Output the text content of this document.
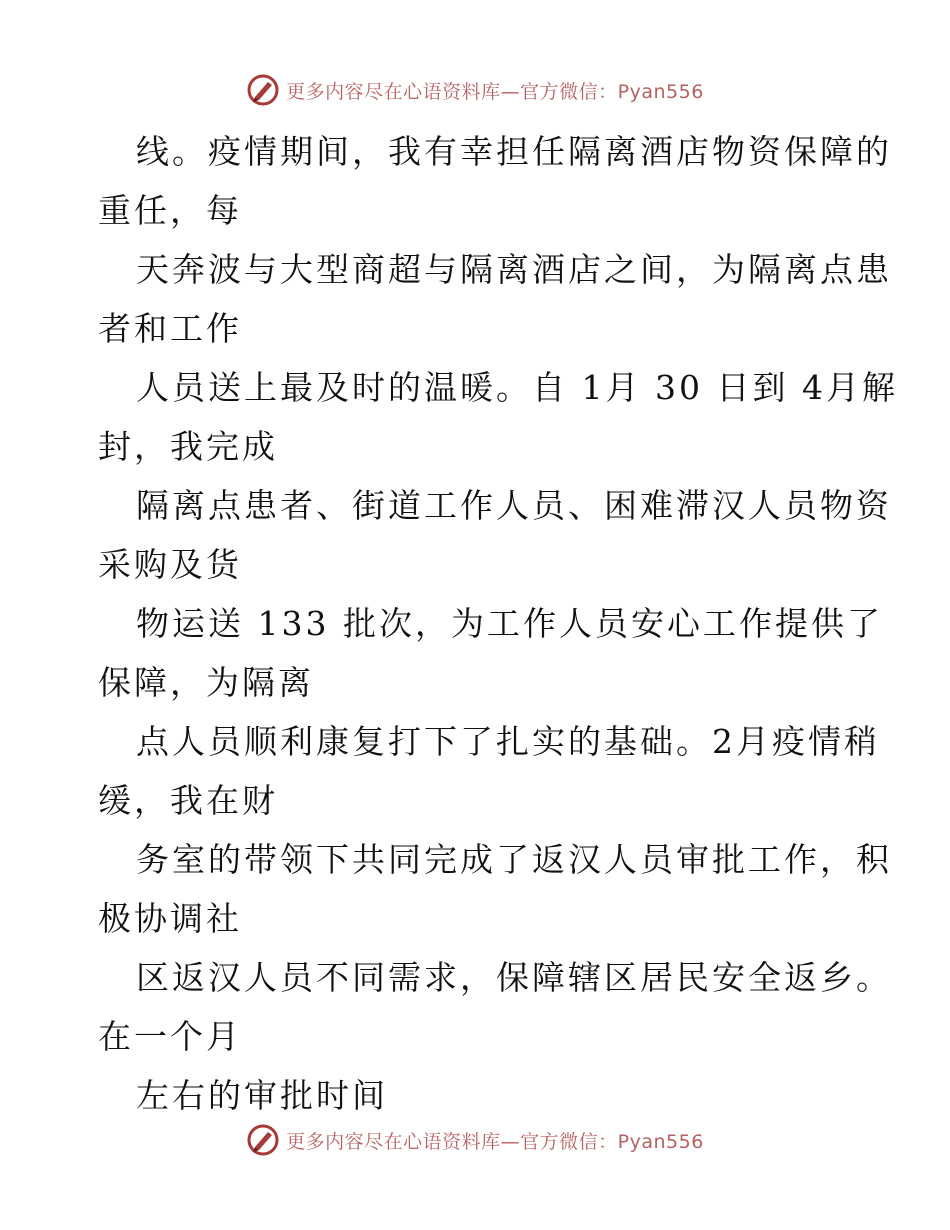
更多内容尽在心语资料库—官方微信：Pyan556
线。疫情期间，我有幸担任隔离酒店物资保障的
重任，每
天奔波与大型商超与隔离酒店之间，为隔离点患
者和工作
人员送上最及时的温暖。自 1月 30 日到 4月解
封，我完成
隔离点患者、街道工作人员、困难滞汉人员物资
采购及货
物运送 133 批次，为工作人员安心工作提供了
保障，为隔离
点人员顺利康复打下了扎实的基础。2月疫情稍
缓，我在财
务室的带领下共同完成了返汉人员审批工作，积
极协调社
区返汉人员不同需求，保障辖区居民安全返乡。
在一个月
左右的审批时间
更多内容尽在心语资料库—官方微信：Pyan556
